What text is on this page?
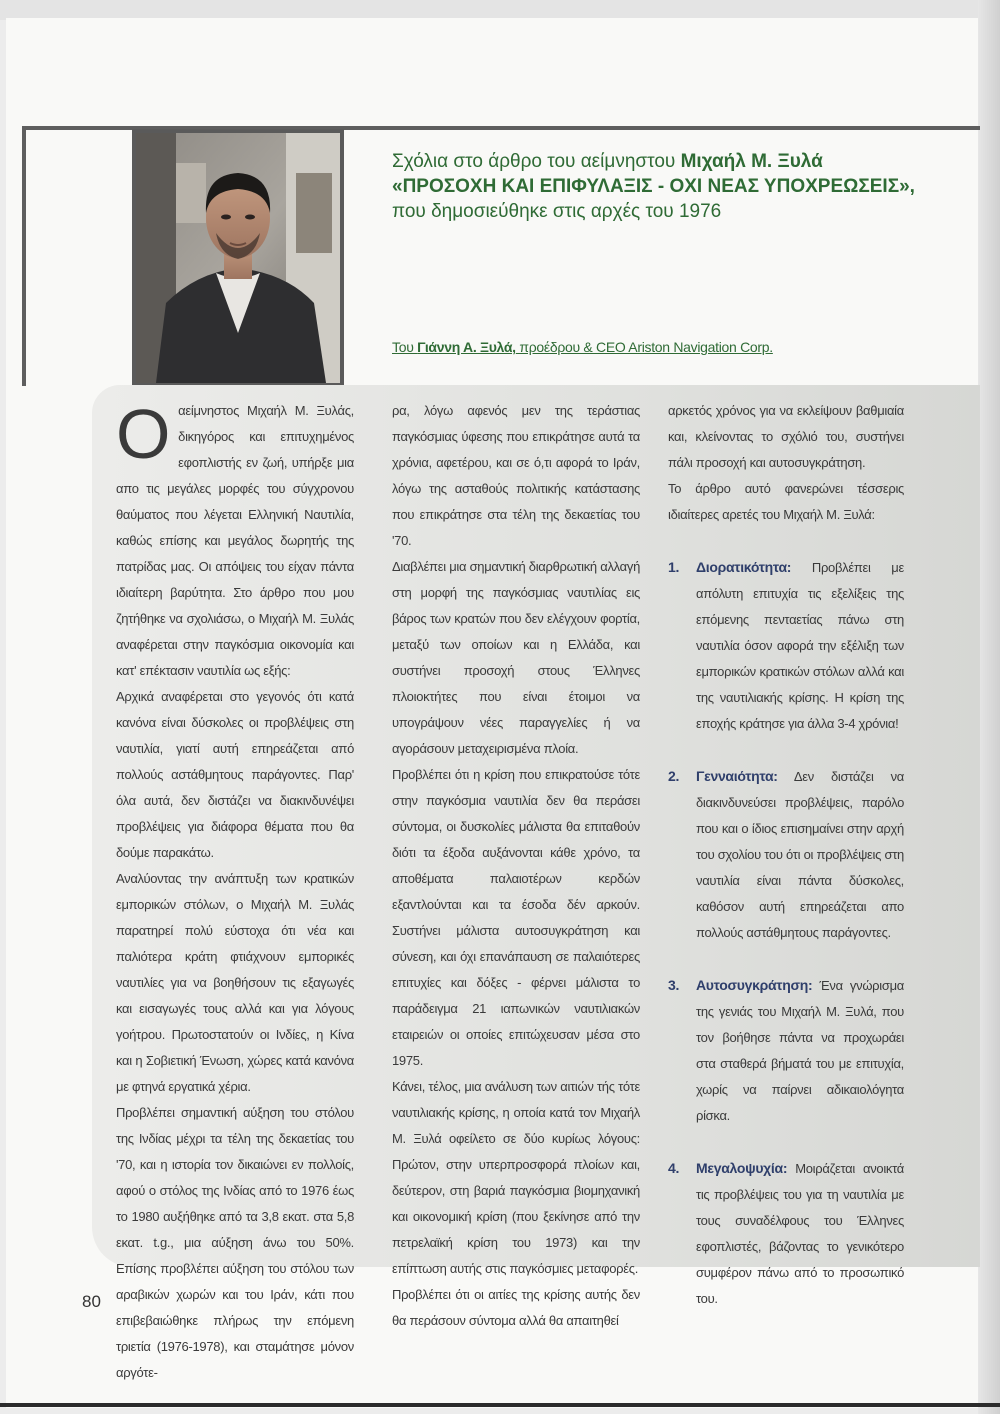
Σχόλια στο άρθρο του αείμνηστου Μιχαήλ Μ. Ξυλά
«ΠΡΟΣΟΧΗ ΚΑΙ ΕΠΙΦΥΛΑΞΙΣ - ΟΧΙ ΝΕΑΣ ΥΠΟΧΡΕΩΣΕΙΣ»,
που δημοσιεύθηκε στις αρχές του 1976
Του Γιάννη Α. Ξυλά, προέδρου & CEO Ariston Navigation Corp.
Ο αείμνηστος Μιχαήλ Μ. Ξυλάς, δικηγόρος και επιτυχημένος εφοπλιστής εν ζωή, υπήρξε μια απο τις μεγάλες μορφές του σύγχρονου θαύματος που λέγεται Ελληνική Ναυτιλία, καθώς επίσης και μεγάλος δωρητής της πατρίδας μας. Οι απόψεις του είχαν πάντα ιδιαίτερη βαρύτητα. Στο άρθρο που μου ζητήθηκε να σχολιάσω, ο Μιχαήλ Μ. Ξυλάς αναφέρεται στην παγκόσμια οικονομία και κατ' επέκτασιν ναυτιλία ως εξής:

Αρχικά αναφέρεται στο γεγονός ότι κατά κανόνα είναι δύσκολες οι προβλέψεις στη ναυτιλία, γιατί αυτή επηρεάζεται από πολλούς αστάθμητους παράγοντες. Παρ' όλα αυτά, δεν διστάζει να διακινδυνέψει προβλέψεις για διάφορα θέματα που θα δούμε παρακάτω.

Αναλύοντας την ανάπτυξη των κρατικών εμπορικών στόλων, ο Μιχαήλ Μ. Ξυλάς παρατηρεί πολύ εύστοχα ότι νέα και παλιότερα κράτη φτιάχνουν εμπορικές ναυτιλίες για να βοηθήσουν τις εξαγωγές και εισαγωγές τους αλλά και για λόγους γοήτρου. Πρωτοστατούν οι Ινδίες, η Κίνα και η Σοβιετική Ένωση, χώρες κατά κανόνα με φτηνά εργατικά χέρια.

Προβλέπει σημαντική αύξηση του στόλου της Ινδίας μέχρι τα τέλη της δεκαετίας του '70, και η ιστορία τον δικαιώνει εν πολλοίς, αφού ο στόλος της Ινδίας από το 1976 έως το 1980 αυξήθηκε από τα 3,8 εκατ. στα 5,8 εκατ. t.g., μια αύξηση άνω του 50%. Επίσης προβλέπει αύξηση του στόλου των αραβικών χωρών και του Ιράν, κάτι που επιβεβαιώθηκε πλήρως την επόμενη τριετία (1976-1978), και σταμάτησε μόνον αργότε-

ρα, λόγω αφενός μεν της τεράστιας παγκόσμιας ύφεσης που επικράτησε αυτά τα χρόνια, αφετέρου, και σε ό,τι αφορά το Ιράν, λόγω της ασταθούς πολιτικής κατάστασης που επικράτησε στα τέλη της δεκαετίας του '70.

Διαβλέπει μια σημαντική διαρθρωτική αλλαγή στη μορφή της παγκόσμιας ναυτιλίας εις βάρος των κρατών που δεν ελέγχουν φορτία, μεταξύ των οποίων και η Ελλάδα, και συστήνει προσοχή στους Έλληνες πλοιοκτήτες που είναι έτοιμοι να υπογράψουν νέες παραγγελίες ή να αγοράσουν μεταχειρισμένα πλοία.

Προβλέπει ότι η κρίση που επικρατούσε τότε στην παγκόσμια ναυτιλία δεν θα περάσει σύντομα, οι δυσκολίες μάλιστα θα επιταθούν διότι τα έξοδα αυξάνονται κάθε χρόνο, τα αποθέματα παλαιοτέρων κερδών εξαντλούνται και τα έσοδα δέν αρκούν. Συστήνει μάλιστα αυτοσυγκράτηση και σύνεση, και όχι επανάπαυση σε παλαιότερες επιτυχίες και δόξες - φέρνει μάλιστα το παράδειγμα 21 ιαπωνικών ναυτιλιακών εταιρειών οι οποίες επιτώχευσαν μέσα στο 1975.

Κάνει, τέλος, μια ανάλυση των αιτιών τής τότε ναυτιλιακής κρίσης, η οποία κατά τον Μιχαήλ Μ. Ξυλά οφείλετο σε δύο κυρίως λόγους: Πρώτον, στην υπερπροσφορά πλοίων και, δεύτερον, στη βαριά παγκόσμια βιομηχανική και οικονομική κρίση (που ξεκίνησε από την πετρελαϊκή κρίση του 1973) και την επίπτωση αυτής στις παγκόσμιες μεταφορές.

Προβλέπει ότι οι αιτίες της κρίσης αυτής δεν θα περάσουν σύντομα αλλά θα απαιτηθεί

αρκετός χρόνος για να εκλείψουν βαθμιαία και, κλείνοντας το σχόλιό του, συστήνει πάλι προσοχή και αυτοσυγκράτηση.

Το άρθρο αυτό φανερώνει τέσσερις ιδιαίτερες αρετές του Μιχαήλ Μ. Ξυλά:

1.	Διορατικότητα: Προβλέπει με απόλυτη επιτυχία τις εξελίξεις της επόμενης πενταετίας πάνω στη ναυτιλία όσον αφορά την εξέλιξη των εμπορικών κρατικών στόλων αλλά και της ναυτιλιακής κρίσης. Η κρίση της εποχής κράτησε για άλλα 3-4 χρόνια!
2.	Γενναιότητα: Δεν διστάζει να διακινδυνεύσει προβλέψεις, παρόλο που και ο ίδιος επισημαίνει στην αρχή του σχολίου του ότι οι προβλέψεις στη ναυτιλία είναι πάντα δύσκολες, καθόσον αυτή επηρεάζεται απο πολλούς αστάθμητους παράγοντες.
3.	Αυτοσυγκράτηση: Ένα γνώρισμα της γενιάς του Μιχαήλ Μ. Ξυλά, που τον βοήθησε πάντα να προχωράει στα σταθερά βήματά του με επιτυχία, χωρίς να παίρνει αδικαιολόγητα ρίσκα.
4.	Μεγαλοψυχία: Μοιράζεται ανοικτά τις προβλέψεις του για τη ναυτιλία με τους συναδέλφους του Έλληνες εφοπλιστές, βάζοντας το γενικότερο συμφέρον πάνω από το προσωπικό του.
80
